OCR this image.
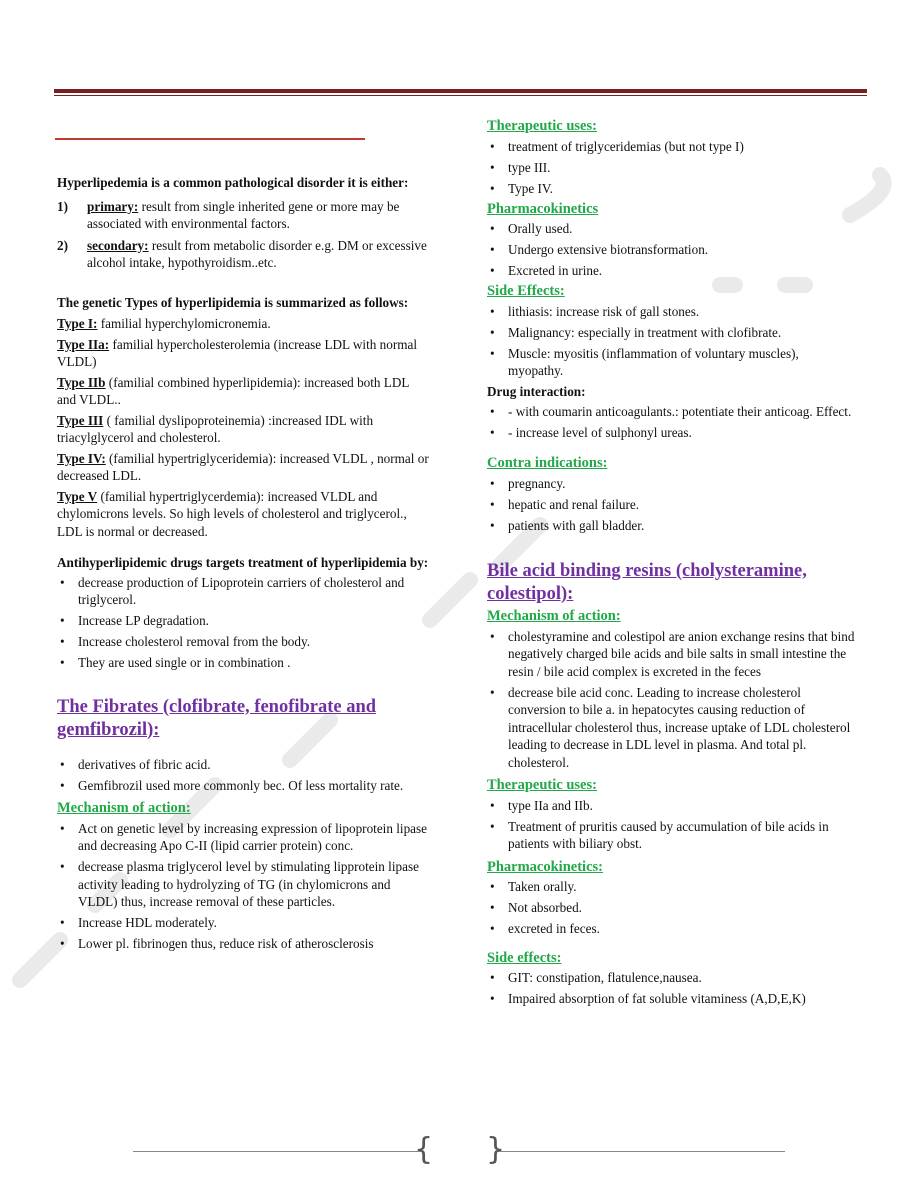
Hyperlipedemia is a common pathological disorder it is either:

1)	primary: result from single inherited gene or more may be associated with environmental factors.
2)	secondary: result from metabolic disorder e.g. DM or excessive alcohol intake, hypothyroidism..etc.

The genetic Types of hyperlipidemia is summarized as follows:

Type I: familial hyperchylomicronemia.

Type IIa: familial hypercholesterolemia (increase LDL with normal VLDL)

Type IIb (familial combined hyperlipidemia): increased both LDL and VLDL..

Type III ( familial dyslipoproteinemia) :increased IDL with triacylglycerol and cholesterol.

Type IV: (familial hypertriglyceridemia): increased VLDL , normal or decreased LDL.

Type V (familial hypertriglycerdemia): increased VLDL and chylomicrons levels. So high levels of cholesterol and triglycerol., LDL is normal or decreased.

Antihyperlipidemic drugs targets treatment of hyperlipidemia by:

• decrease production of Lipoprotein carriers of cholesterol and triglycerol.
• Increase LP degradation.
• Increase cholesterol removal from the body.
• They are used single or in combination .
The Fibrates (clofibrate, fenofibrate and gemfibrozil):
• derivatives of fibric acid.
• Gemfibrozil used more commonly bec. Of less mortality rate.
Mechanism of action:
• Act on genetic level by increasing expression of lipoprotein lipase and decreasing Apo C-II (lipid carrier protein) conc.
• decrease plasma triglycerol level by stimulating lipprotein lipase activity leading to hydrolyzing of TG (in chylomicrons and VLDL) thus, increase removal of these particles.
• Increase HDL moderately.
• Lower pl. fibrinogen thus, reduce risk of atherosclerosis
Therapeutic uses:
• treatment of triglyceridemias (but not type I)
• type III.
• Type IV.
Pharmacokinetics
• Orally used.
• Undergo extensive biotransformation.
• Excreted in urine.
Side Effects:
• lithiasis: increase risk of gall stones.
• Malignancy: especially in treatment with clofibrate.
• Muscle: myositis (inflammation of voluntary muscles), myopathy.

Drug interaction:

• - with coumarin anticoagulants.: potentiate their anticoag. Effect.
• - increase level of sulphonyl ureas.
Contra indications:
• pregnancy.
• hepatic and renal failure.
• patients with gall bladder.
Bile acid binding resins (cholysteramine, colestipol):
Mechanism of action:
• cholestyramine and colestipol are anion exchange resins that bind negatively charged bile acids and bile salts in small intestine the resin / bile acid complex is excreted in the feces
• decrease bile acid conc. Leading to increase cholesterol conversion to bile a. in hepatocytes causing reduction of intracellular cholesterol thus, increase uptake of LDL cholesterol leading to decrease in LDL level in plasma. And total pl. cholesterol.
Therapeutic uses:
• type IIa and IIb.
• Treatment of pruritis caused by accumulation of bile acids in patients with biliary obst.
Pharmacokinetics:
• Taken orally.
• Not absorbed.
• excreted in feces.
Side effects:
• GIT: constipation, flatulence,nausea.
• Impaired absorption of fat soluble vitaminess (A,D,E,K)
{ }
